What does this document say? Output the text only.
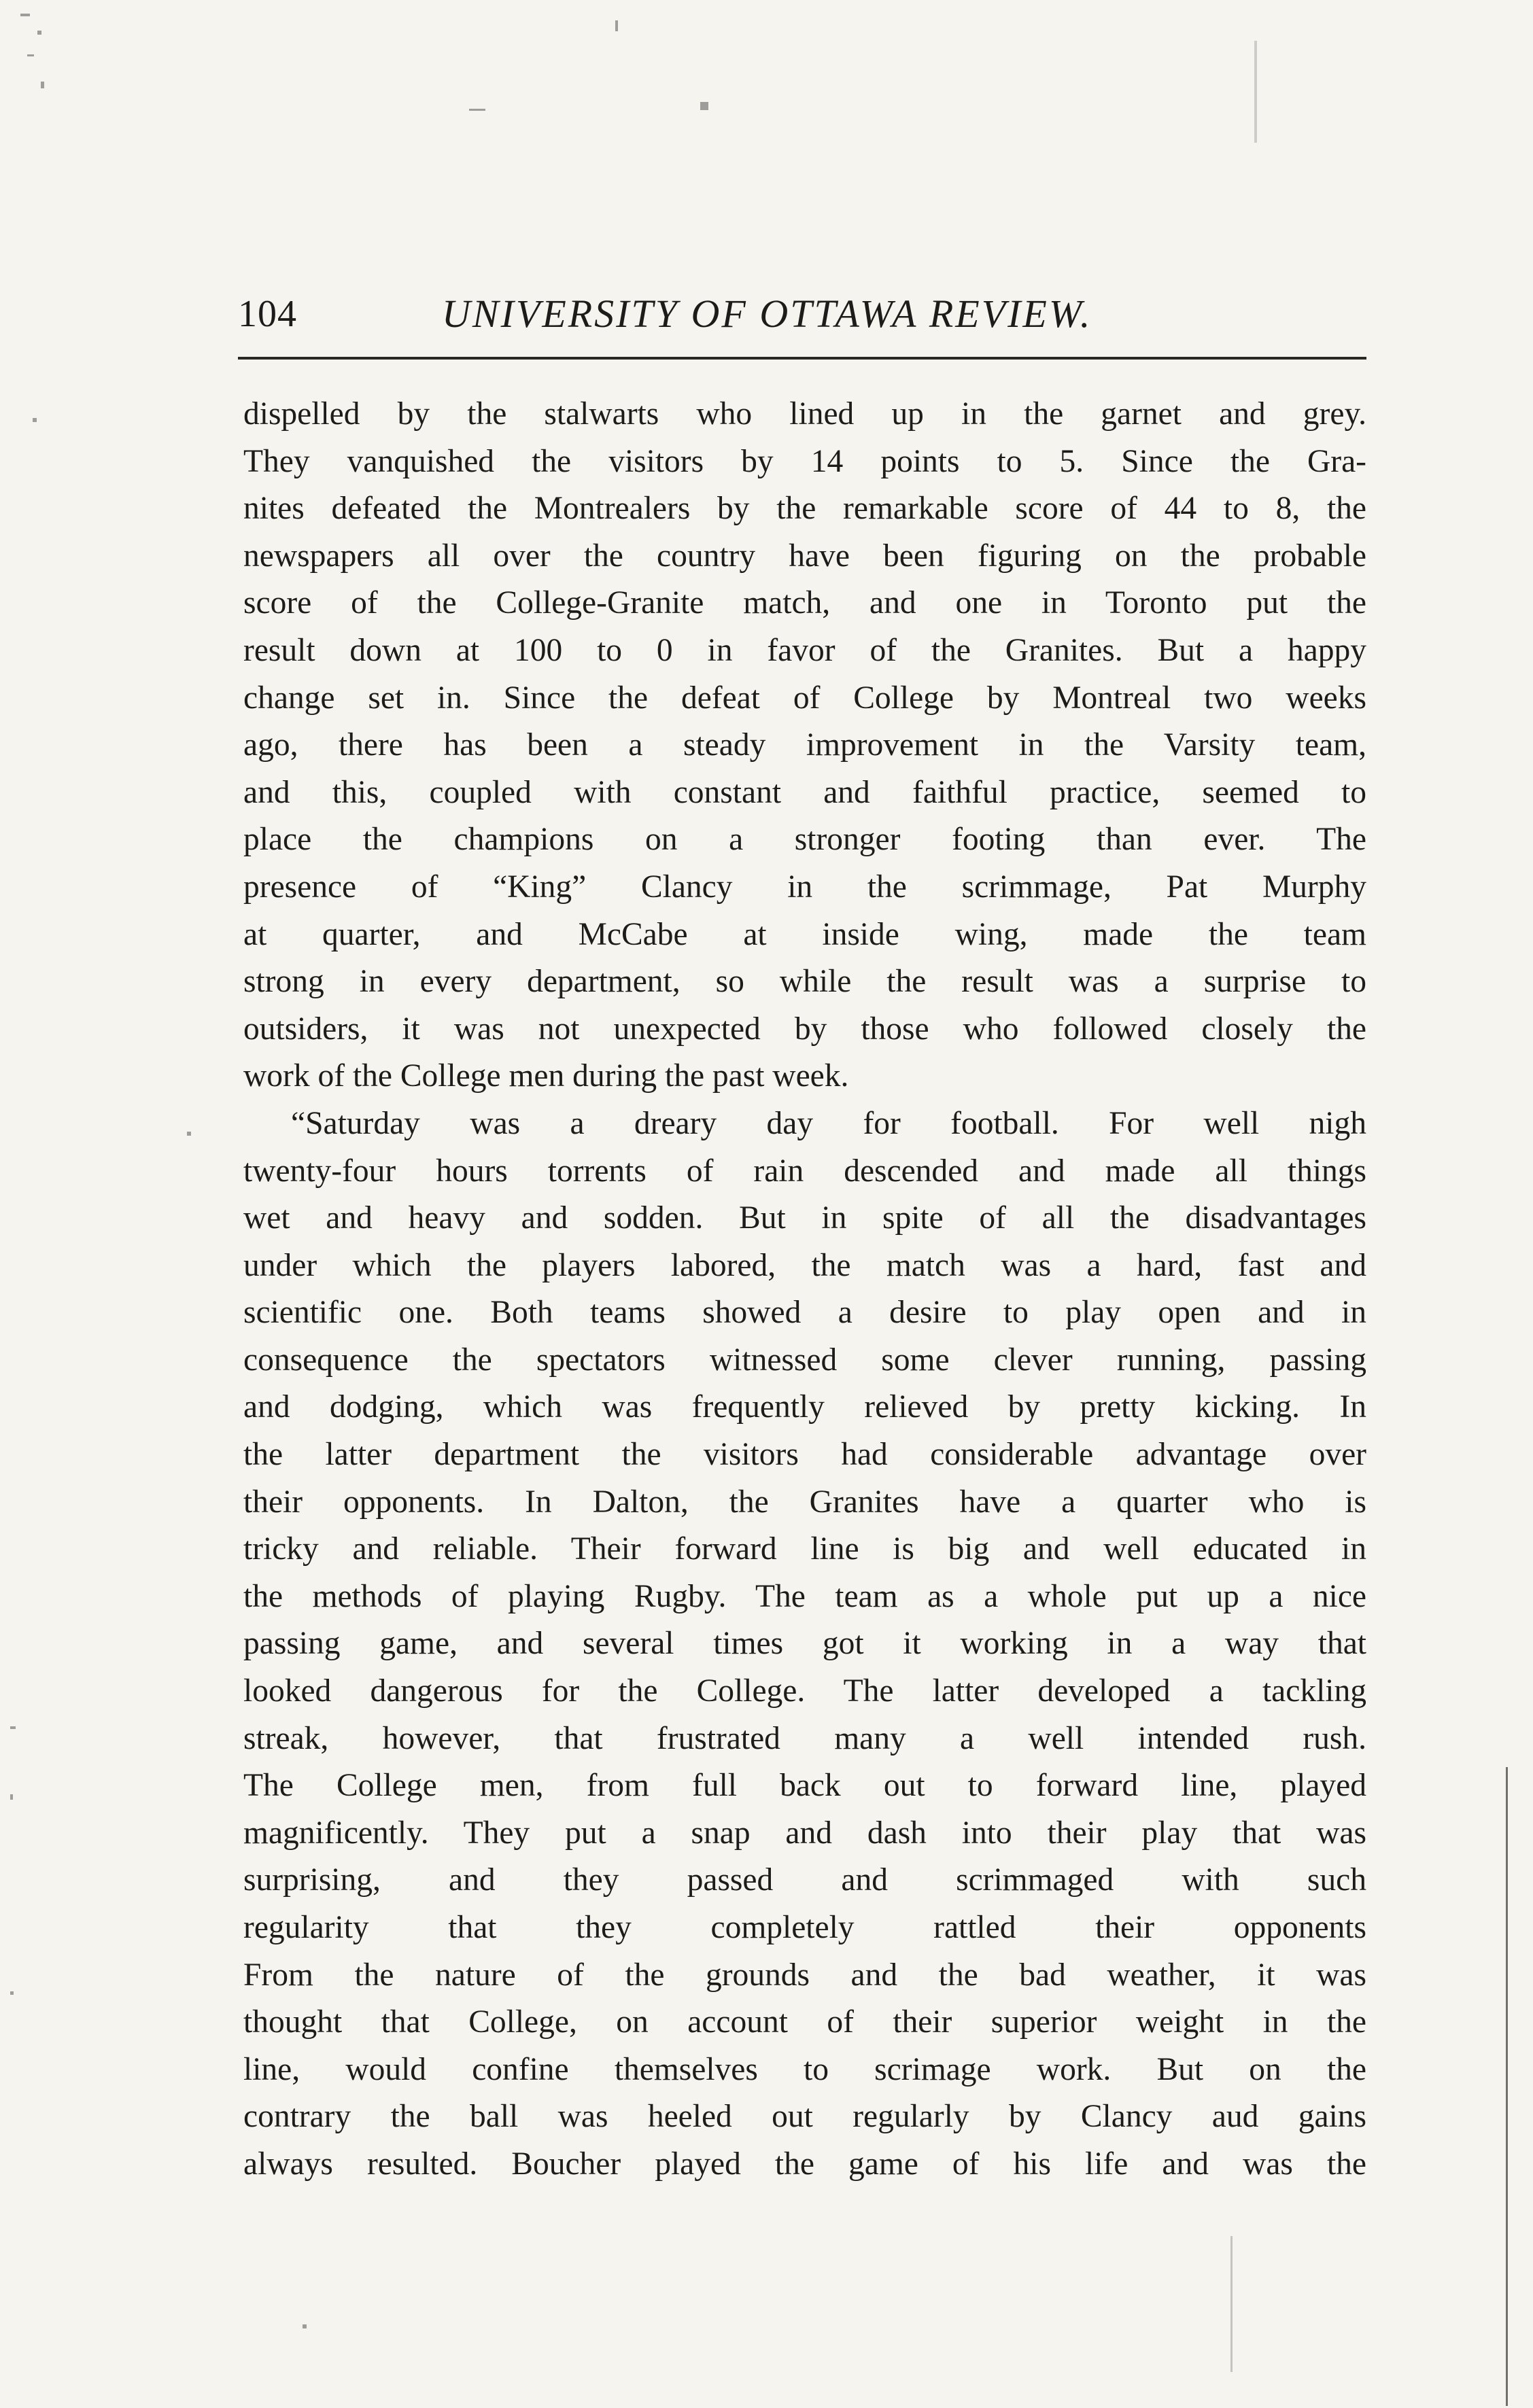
104	UNIVERSITY OF OTTAWA REVIEW.
dispelled by the stalwarts who lined up in the garnet and grey.
They vanquished the visitors by 14 points to 5. Since the Gra-
nites defeated the Montrealers by the remarkable score of 44 to 8, the
newspapers all over the country have been figuring on the probable
score of the College-Granite match, and one in Toronto put the
result down at 100 to 0 in favor of the Granites. But a happy
change set in. Since the defeat of College by Montreal two weeks
ago, there has been a steady improvement in the Varsity team,
and this, coupled with constant and faithful practice, seemed to
place the champions on a stronger footing than ever. The
presence of “King” Clancy in the scrimmage, Pat Murphy
at quarter, and McCabe at inside wing, made the team
strong in every department, so while the result was a surprise to
outsiders, it was not unexpected by those who followed closely the
work of the College men during the past week.
“Saturday was a dreary day for football. For well nigh
twenty-four hours torrents of rain descended and made all things
wet and heavy and sodden. But in spite of all the disadvantages
under which the players labored, the match was a hard, fast and
scientific one. Both teams showed a desire to play open and in
consequence the spectators witnessed some clever running, passing
and dodging, which was frequently relieved by pretty kicking. In
the latter department the visitors had considerable advantage over
their opponents. In Dalton, the Granites have a quarter who is
tricky and reliable. Their forward line is big and well educated in
the methods of playing Rugby. The team as a whole put up a nice
passing game, and several times got it working in a way that
looked dangerous for the College. The latter developed a tackling
streak, however, that frustrated many a well intended rush.
The College men, from full back out to forward line, played
magnificently. They put a snap and dash into their play that was
surprising, and they passed and scrimmaged with such
regularity that they completely rattled their opponents
From the nature of the grounds and the bad weather, it was
thought that College, on account of their superior weight in the
line, would confine themselves to scrimage work. But on the
contrary the ball was heeled out regularly by Clancy aud gains
always resulted. Boucher played the game of his life and was the
